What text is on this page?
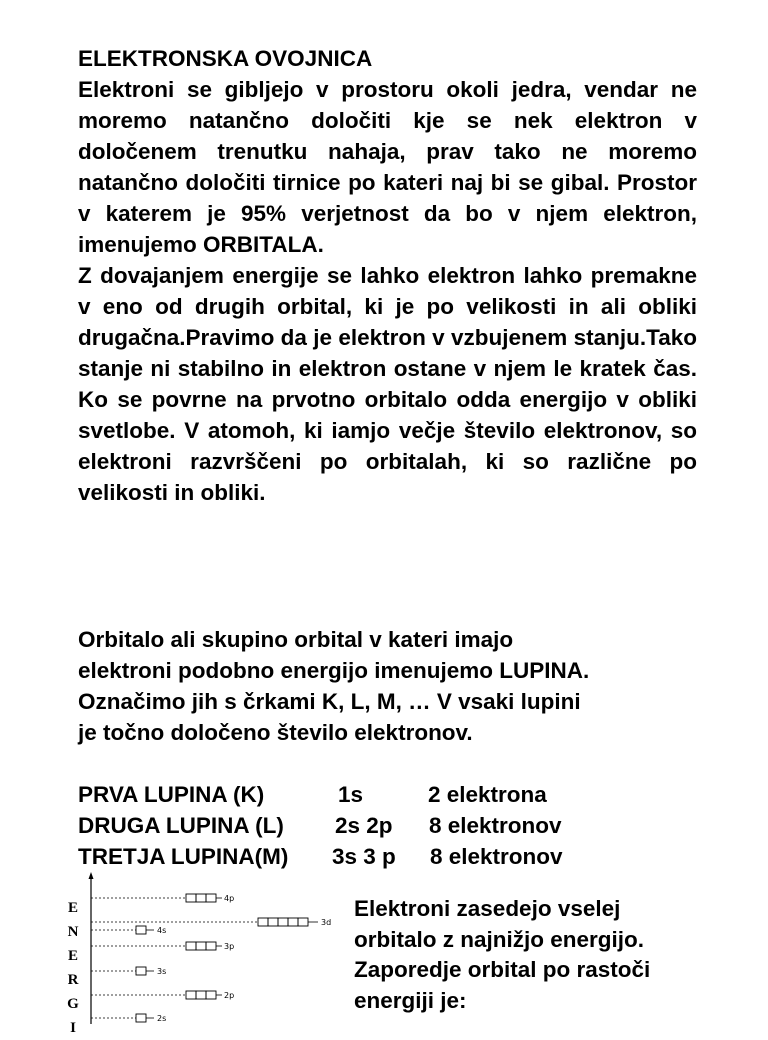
ELEKTRONSKA OVOJNICA

Elektroni se gibljejo v prostoru okoli jedra, vendar ne moremo natančno določiti kje se nek elektron v določenem trenutku nahaja, prav tako ne moremo natančno določiti tirnice po kateri naj bi se gibal. Prostor v katerem je 95% verjetnost da bo v njem elektron, imenujemo ORBITALA.

Z dovajanjem energije se lahko elektron lahko premakne v eno od drugih orbital, ki je po velikosti in ali obliki drugačna.Pravimo da je elektron v vzbujenem stanju.Tako stanje ni stabilno in elektron ostane v njem le kratek čas. Ko se povrne na prvotno orbitalo odda energijo v obliki svetlobe. V atomoh, ki iamjo večje število elektronov, so elektroni razvrščeni po orbitalah, ki so različne po velikosti in obliki.

Orbitalo ali skupino orbital v kateri imajo
elektroni podobno energijo imenujemo LUPINA.
Označimo jih s črkami K, L, M, … V vsaki lupini
je točno določeno število elektronov.
PRVA LUPINA (K)	1s	2 elektrona
DRUGA LUPINA (L) 2s 2p 8 elektronov
TRETJA LUPINA(M) 3s 3 p 8 elektronov
E
N
E
R
G
I
4p
3d
4s
3p
3s
2p
2s
Elektroni zasedejo vselej
orbitalo z najnižjo energijo.
Zaporedje orbital po rastoči
energiji je:
